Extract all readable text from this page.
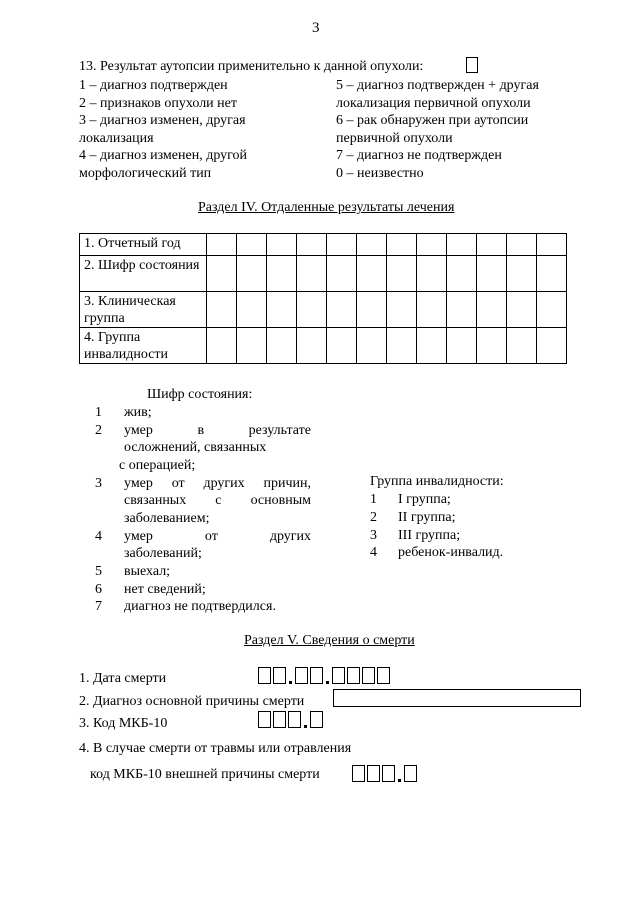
3
13. Результат аутопсии применительно к данной опухоли:
1 – диагноз подтвержден
2 – признаков опухоли нет
3 – диагноз изменен, другая
локализация
4 – диагноз изменен, другой
морфологический тип
5 – диагноз подтвержден + другая
локализация первичной опухоли
6 – рак обнаружен при аутопсии
первичной опухоли
7 – диагноз не подтвержден
0 – неизвестно
Раздел IV. Отдаленные результаты лечения
1. Отчетный год												
2. Шифр состояния												
3. Клиническая группа												
4. Группа инвалидности												
Шифр состояния:
1 жив;
2 умер в результате
осложнений, связанных
с операцией;
3 умер от других причин,
связанных с основным
заболеванием;
4 умер от других
заболеваний;
5 выехал;
6 нет сведений;
7 диагноз не подтвердился.
Группа инвалидности:
1 I группа;
2 II группа;
3 III группа;
4 ребенок-инвалид.
Раздел V. Сведения о смерти
1. Дата смерти
2. Диагноз основной причины смерти
3. Код МКБ-10
4. В случае смерти от травмы или отравления
код МКБ-10 внешней причины смерти
